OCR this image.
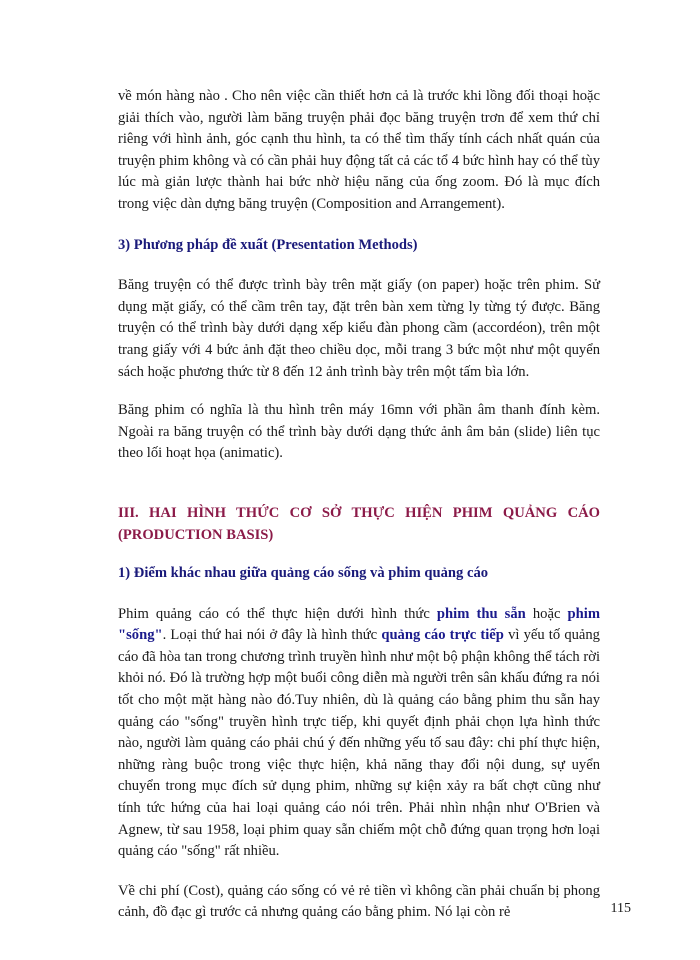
về món hàng nào . Cho nên việc cần thiết hơn cả là trước khi lồng đối thoại hoặc giải thích vào, người làm băng truyện phải đọc băng truyện trơn để xem thứ chỉ riêng với hình ảnh, góc cạnh thu hình, ta có thể tìm thấy tính cách nhất quán của truyện phim không và có cần phải huy động tất cả các tổ 4 bức hình hay có thể tùy lúc mà giản lược thành hai bức nhờ hiệu năng của ống zoom. Đó là mục đích trong việc dàn dựng băng truyện (Composition and Arrangement).

3) Phương pháp đề xuất (Presentation Methods)

Băng truyện có thể được trình bày trên mặt giấy (on paper) hoặc trên phim. Sử dụng mặt giấy, có thể cầm trên tay, đặt trên bàn xem từng ly từng tý được. Băng truyện có thể trình bày dưới dạng xếp kiểu đàn phong cầm (accordéon), trên một trang giấy với 4 bức ảnh đặt theo chiều dọc, mỗi trang 3 bức một như một quyển sách hoặc phương thức từ 8 đến 12 ảnh trình bày trên một tấm bìa lớn.

Băng phim có nghĩa là thu hình trên máy 16mn với phần âm thanh đính kèm. Ngoài ra băng truyện có thể trình bày dưới dạng thức ảnh âm bản (slide) liên tục theo lối hoạt họa (animatic).

III. HAI HÌNH THỨC CƠ SỞ THỰC HIỆN PHIM QUẢNG CÁO (PRODUCTION BASIS)
1) Điểm khác nhau giữa quảng cáo sống và phim quảng cáo

Phim quảng cáo có thể thực hiện dưới hình thức phim thu sẵn hoặc phim "sống". Loại thứ hai nói ở đây là hình thức quảng cáo trực tiếp vì yếu tố quảng cáo đã hòa tan trong chương trình truyền hình như một bộ phận không thể tách rời khỏi nó. Đó là trường hợp một buổi công diễn mà người trên sân khấu đứng ra nói tốt cho một mặt hàng nào đó.Tuy nhiên, dù là quảng cáo bằng phim thu sẵn hay quảng cáo "sống" truyền hình trực tiếp, khi quyết định phải chọn lựa hình thức nào, người làm quảng cáo phải chú ý đến những yếu tố sau đây: chi phí thực hiện, những ràng buộc trong việc thực hiện, khả năng thay đổi nội dung, sự uyển chuyển trong mục đích sử dụng phim, những sự kiện xảy ra bất chợt cũng như tính tức hứng của hai loại quảng cáo nói trên. Phải nhìn nhận như O'Brien và Agnew, từ sau 1958, loại phim quay sẵn chiếm một chỗ đứng quan trọng hơn loại quảng cáo "sống" rất nhiều.

Về chi phí (Cost), quảng cáo sống có vẻ rẻ tiền vì không cần phải chuẩn bị phong cảnh, đồ đạc gì trước cả nhưng quảng cáo bằng phim. Nó lại còn rẻ	115
